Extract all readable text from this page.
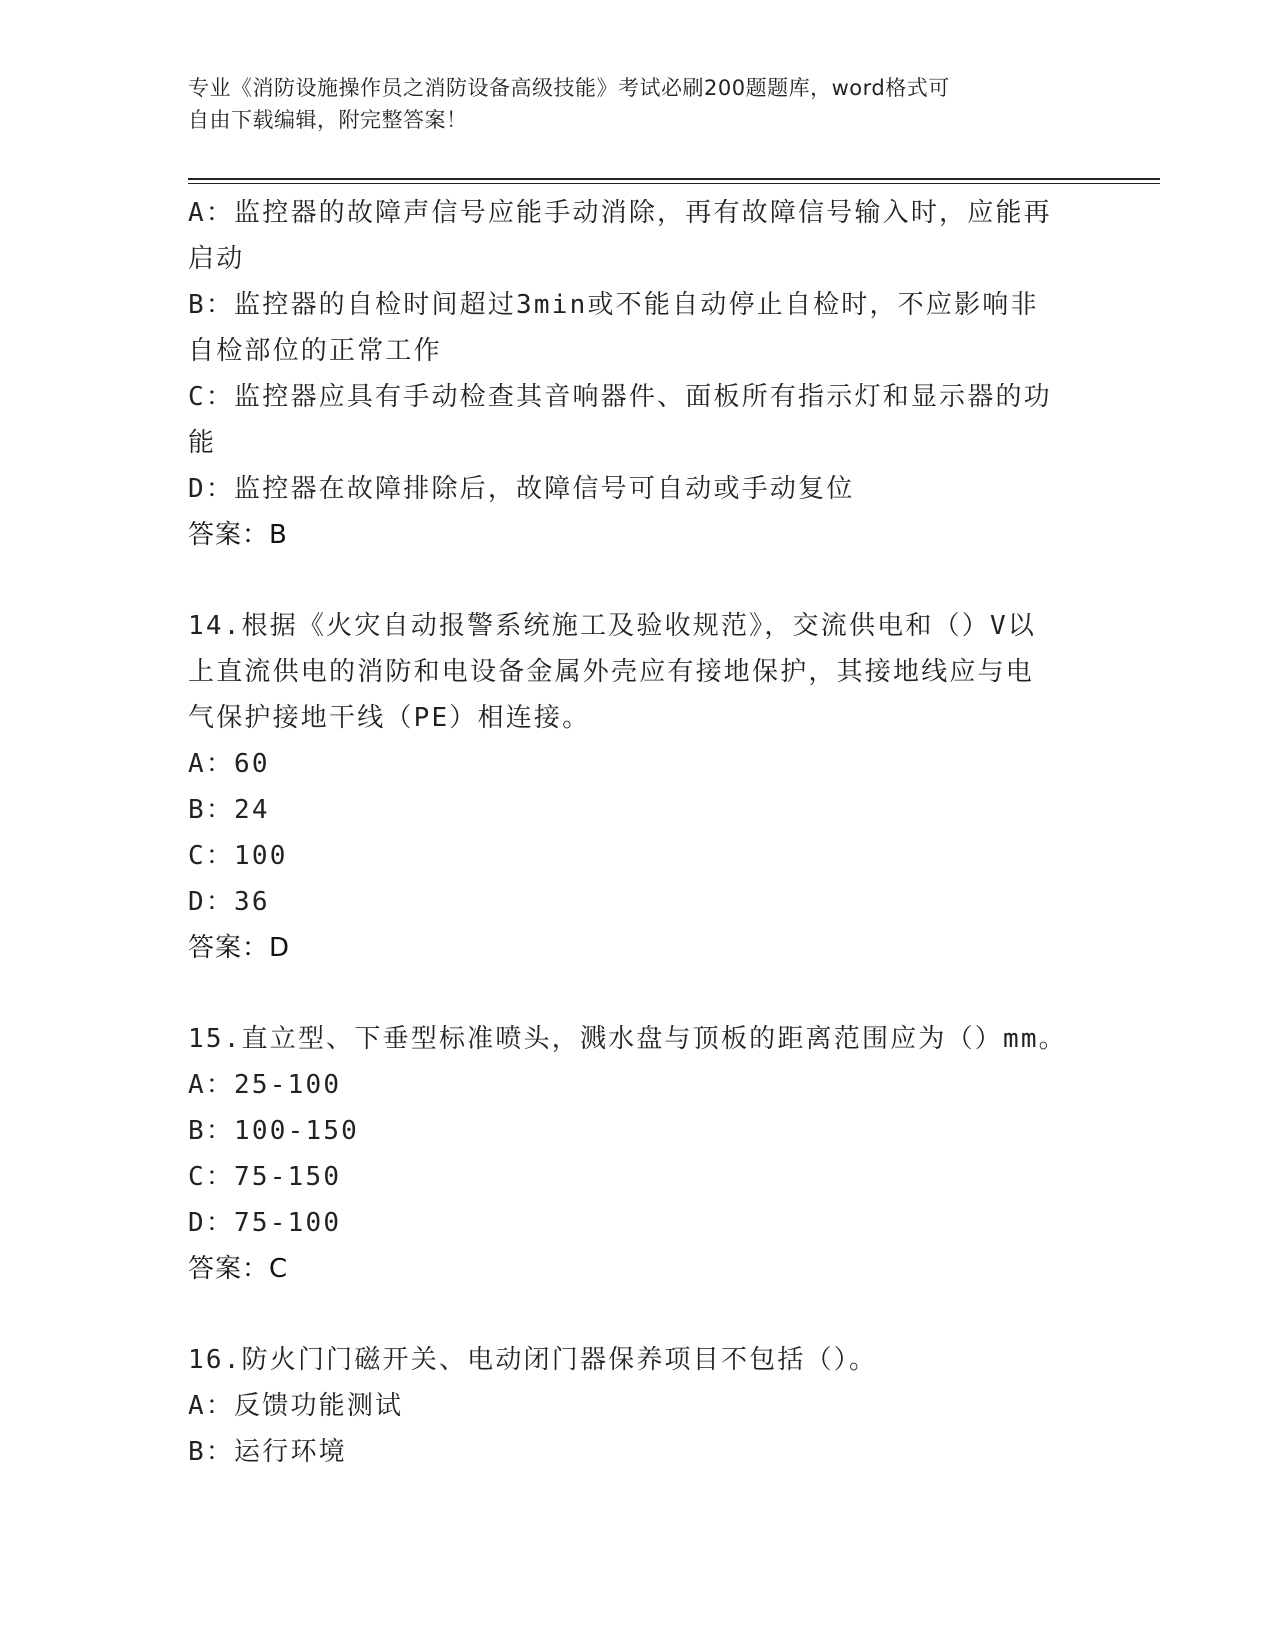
专业《消防设施操作员之消防设备高级技能》考试必刷200题题库，word格式可
自由下载编辑，附完整答案！
A：监控器的故障声信号应能手动消除，再有故障信号输入时，应能再
启动
B：监控器的自检时间超过3min或不能自动停止自检时，不应影响非
自检部位的正常工作
C：监控器应具有手动检查其音响器件、面板所有指示灯和显示器的功
能
D：监控器在故障排除后，故障信号可自动或手动复位
答案：B
14.根据《火灾自动报警系统施工及验收规范》，交流供电和（）V以
上直流供电的消防和电设备金属外壳应有接地保护，其接地线应与电
气保护接地干线（PE）相连接。
A：60
B：24
C：100
D：36
答案：D
15.直立型、下垂型标准喷头，溅水盘与顶板的距离范围应为（）mm。
A：25-100
B：100-150
C：75-150
D：75-100
答案：C
16.防火门门磁开关、电动闭门器保养项目不包括（）。
A：反馈功能测试
B：运行环境
